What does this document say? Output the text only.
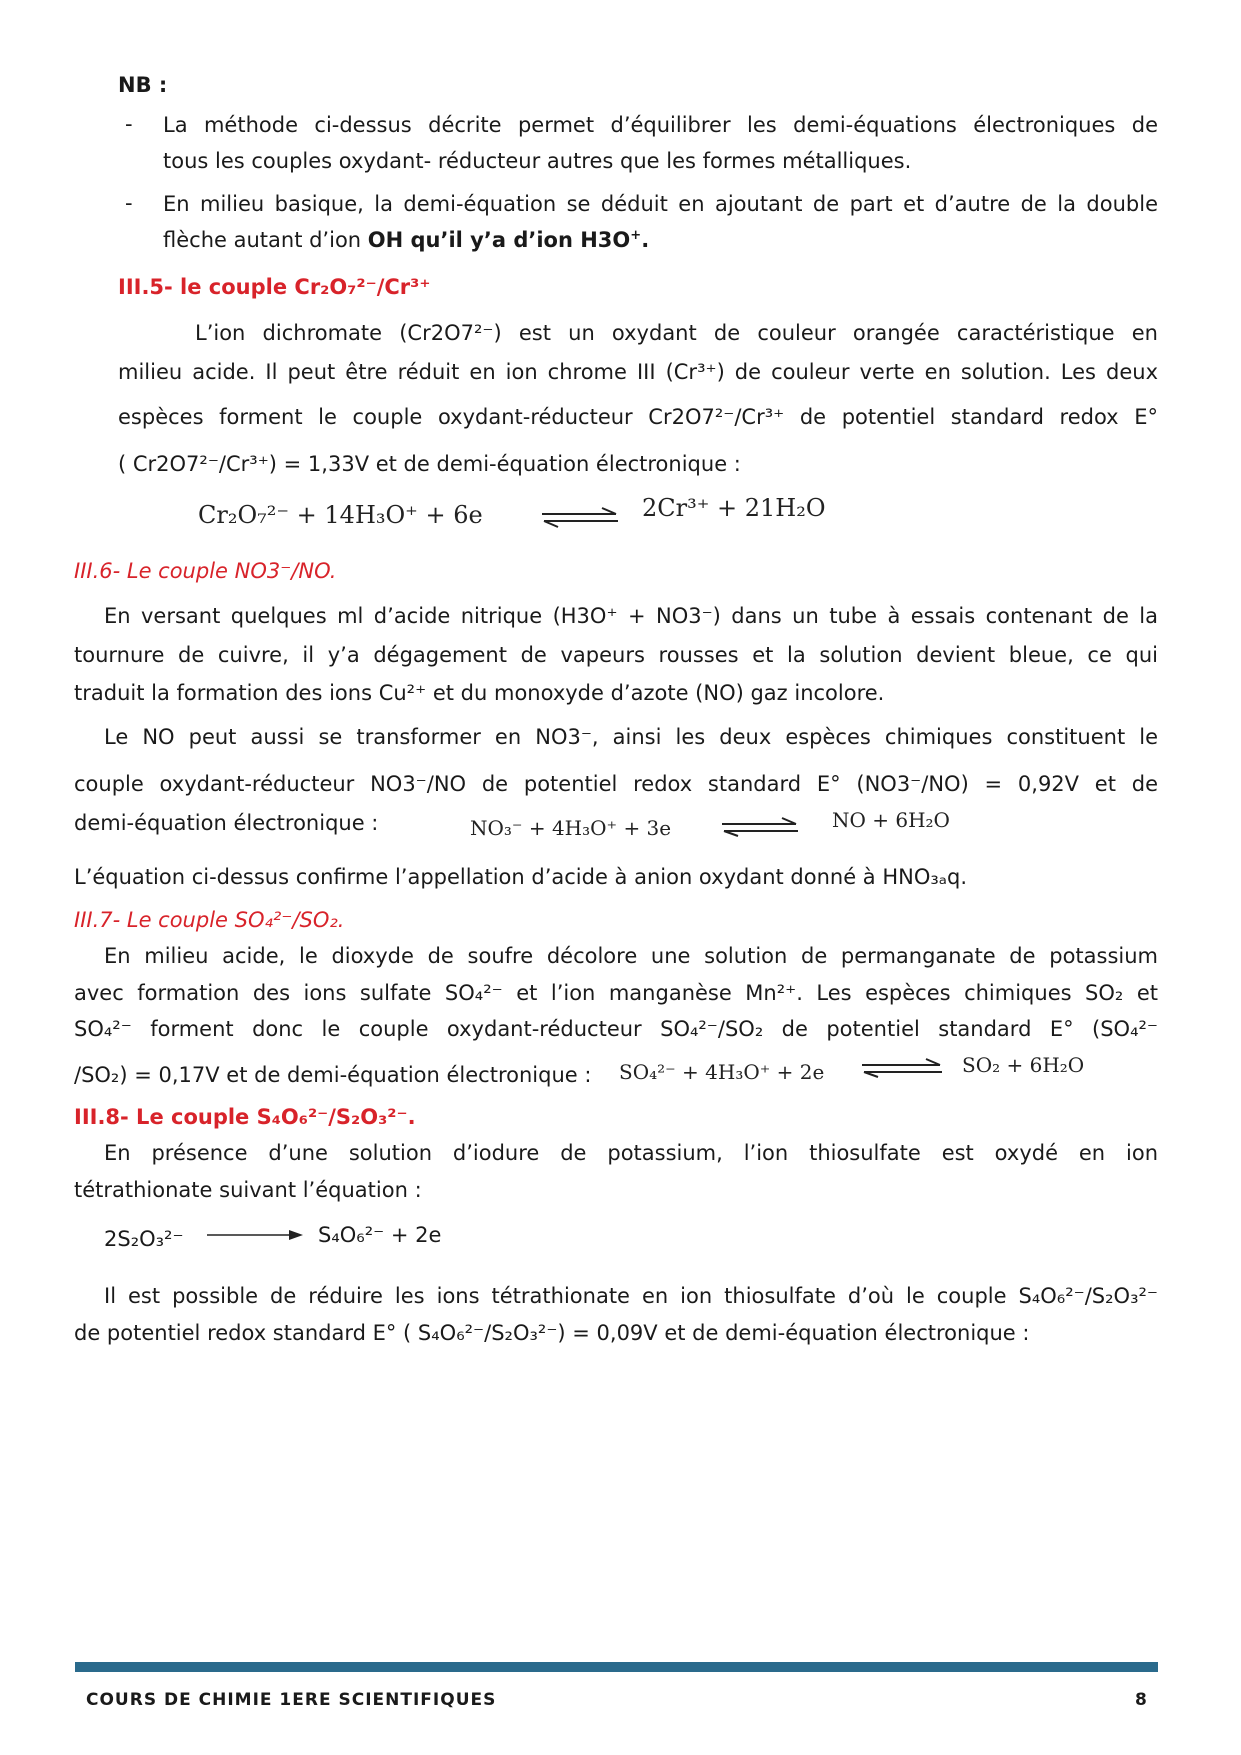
NB :
- La méthode ci-dessus décrite permet d’équilibrer les demi-équations électroniques de
tous les couples oxydant- réducteur autres que les formes métalliques.
- En milieu basique, la demi-équation se déduit en ajoutant de part et d’autre de la double
flèche autant d’ion OH qu’il y’a d’ion H3O+.
III.5- le couple Cr₂O₇²⁻/Cr³⁺
L’ion dichromate (Cr2O7²⁻) est un oxydant de couleur orangée caractéristique en
milieu acide. Il peut être réduit en ion chrome III (Cr³⁺) de couleur verte en solution. Les deux
espèces forment le couple oxydant-réducteur Cr2O7²⁻/Cr³⁺ de potentiel standard redox E°
( Cr2O7²⁻/Cr³⁺) = 1,33V et de demi-équation électronique :
Cr₂O₇²⁻ + 14H₃O⁺ + 6e	⇌ 2Cr³⁺ + 21H₂O
III.6- Le couple NO3⁻/NO.
En versant quelques ml d’acide nitrique (H3O⁺ + NO3⁻) dans un tube à essais contenant de la
tournure de cuivre, il y’a dégagement de vapeurs rousses et la solution devient bleue, ce qui
traduit la formation des ions Cu²⁺ et du monoxyde d’azote (NO) gaz incolore.
Le NO peut aussi se transformer en NO3⁻, ainsi les deux espèces chimiques constituent le
couple oxydant-réducteur NO3⁻/NO de potentiel redox standard E° (NO3⁻/NO) = 0,92V et de
demi-équation électronique :	NO₃⁻ + 4H₃O⁺ + 3e	NO + 6H₂O
L’équation ci-dessus confirme l’appellation d’acide à anion oxydant donné à HNO₃ₐq.
III.7- Le couple SO₄²⁻/SO₂.
En milieu acide, le dioxyde de soufre décolore une solution de permanganate de potassium
avec formation des ions sulfate SO₄²⁻ et l’ion manganèse Mn²⁺. Les espèces chimiques SO₂ et
SO₄²⁻ forment donc le couple oxydant-réducteur SO₄²⁻/SO₂ de potentiel standard E° (SO₄²⁻
/SO₂) = 0,17V et de demi-équation électronique : SO₄²⁻ + 4H₃O⁺ + 2e ⇌ SO₂ + 6H₂O
III.8- Le couple S₄O₆²⁻/S₂O₃²⁻.
En présence d’une solution d’iodure de potassium, l’ion thiosulfate est oxydé en ion
tétrathionate suivant l’équation :
2S₂O₃²⁻	S₄O₆²⁻ + 2e
Il est possible de réduire les ions tétrathionate en ion thiosulfate d’où le couple S₄O₆²⁻/S₂O₃²⁻
de potentiel redox standard E° ( S₄O₆²⁻/S₂O₃²⁻) = 0,09V et de demi-équation électronique :
COURS DE CHIMIE 1ERE SCIENTIFIQUES	8
